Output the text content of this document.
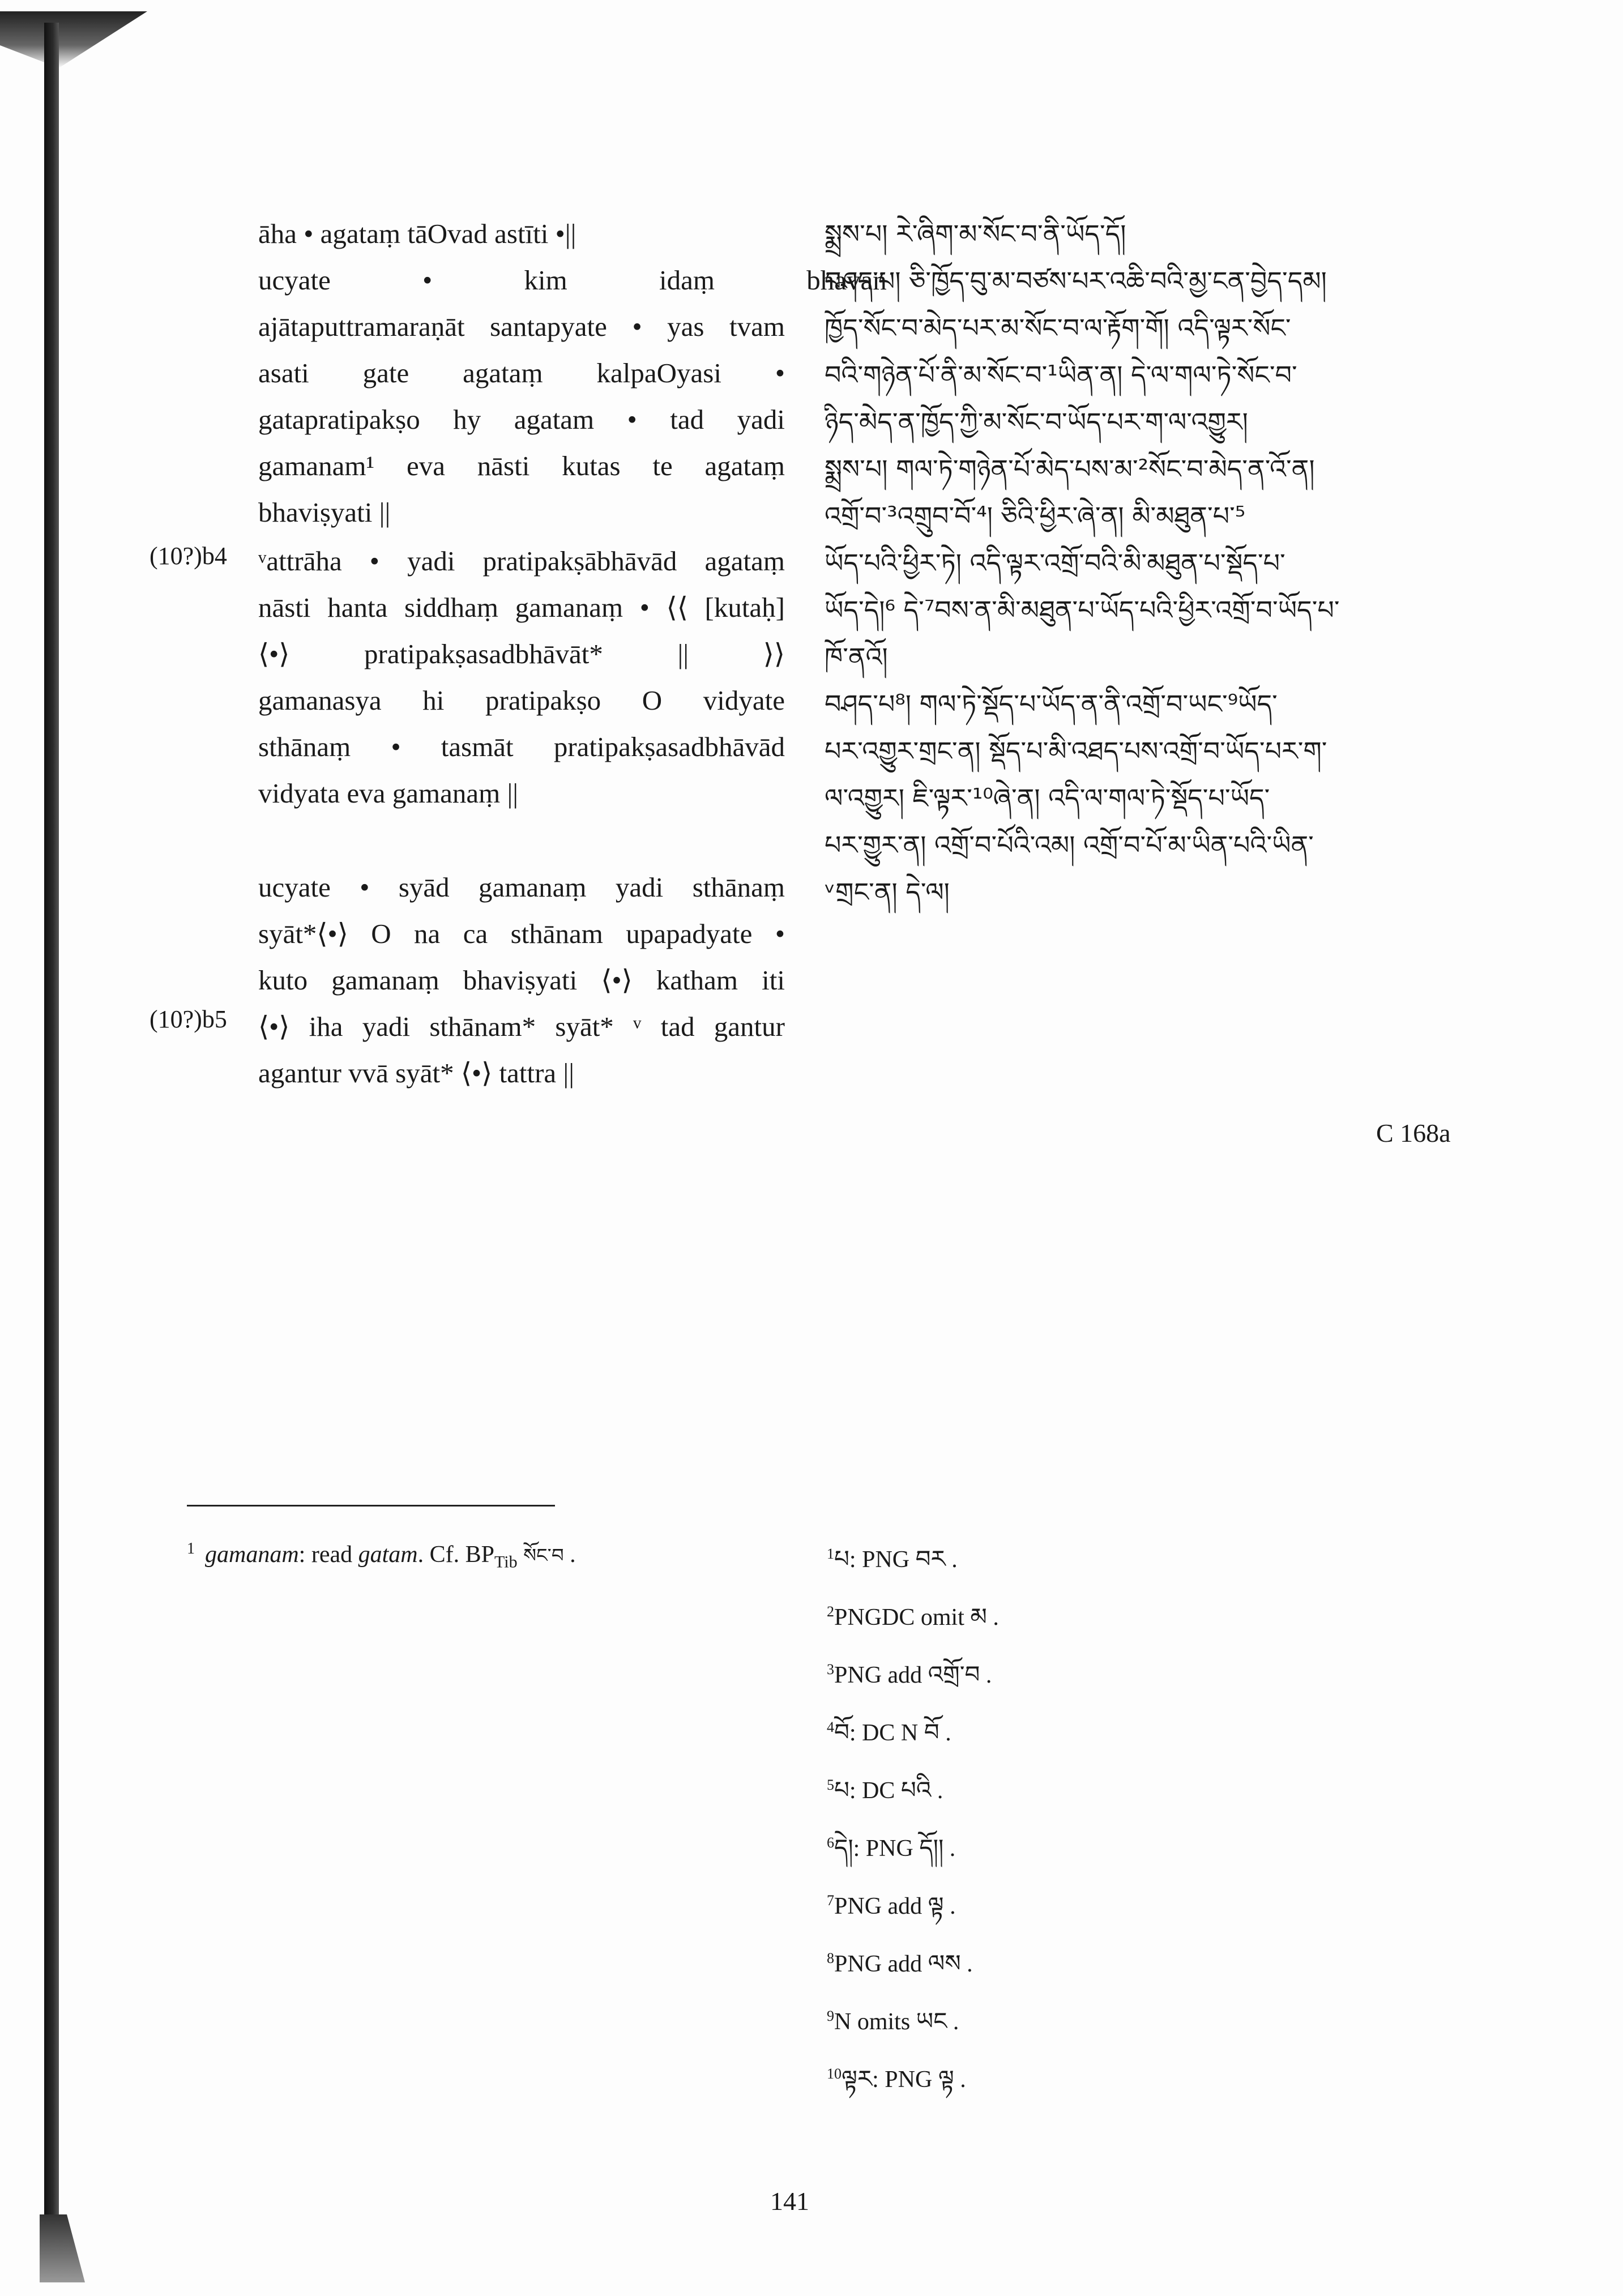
āha • agataṃ tāOvad astīti •||
ucyate • kim idaṃ bhavān
ajātaputtramaraṇāt santapyate • yas tvam
asati gate agataṃ kalpaOyasi •
gatapratipakṣo hy agatam • tad yadi
gamanam¹ eva nāsti kutas te agataṃ
bhaviṣyati ||
(10?)b4 ᵛattrāha • yadi pratipakṣābhāvād agataṃ
nāsti hanta siddhaṃ gamanaṃ • ⟨⟨ [kutaḥ]
⟨•⟩ pratipakṣasadbhāvāt* || ⟩⟩
gamanasya hi pratipakṣo O vidyate
sthānaṃ • tasmāt pratipakṣasadbhāvād
vidyata eva gamanaṃ ||
(10?)b5
ucyate • syād gamanaṃ yadi sthānaṃ
syāt*⟨•⟩ O na ca sthānam upapadyate •
kuto gamanaṃ bhaviṣyati ⟨•⟩ katham iti
⟨•⟩ iha yadi sthānam* syāt* ᵛ tad gantur
agantur vvā syāt* ⟨•⟩ tattra ||
སྨྲས་པ། རེ་ཞིག་མ་སོང་བ་ནི་ཡོད་དོ།
བཤད་པ། ཅི་ཁྱོད་བུ་མ་བཙས་པར་འཆི་བའི་མྱ་ངན་བྱེད་དམ།
ཁྱོད་སོང་བ་མེད་པར་མ་སོང་བ་ལ་རྟོག་གོ། འདི་ལྟར་སོང་
བའི་གཉེན་པོ་ནི་མ་སོང་བ་¹ཡིན་ན། དེ་ལ་གལ་ཏེ་སོང་བ་
ཉིད་མེད་ན་ཁྱོད་ཀྱི་མ་སོང་བ་ཡོད་པར་ག་ལ་འགྱུར།
སྨྲས་པ། གལ་ཏེ་གཉེན་པོ་མེད་པས་མ་²སོང་བ་མེད་ན་འོ་ན།
འགྲོ་བ་³འགྲུབ་བོ་⁴། ཅིའི་ཕྱིར་ཞེ་ན། མི་མཐུན་པ་⁵
ཡོད་པའི་ཕྱིར་ཏེ། འདི་ལྟར་འགྲོ་བའི་མི་མཐུན་པ་སྡོད་པ་
ཡོད་དེ།⁶ དེ་⁷བས་ན་མི་མཐུན་པ་ཡོད་པའི་ཕྱིར་འགྲོ་བ་ཡོད་པ་
ཁོ་ནའོ།
བཤད་པ⁸། གལ་ཏེ་སྡོད་པ་ཡོད་ན་ནི་འགྲོ་བ་ཡང་⁹ཡོད་
པར་འགྱུར་གྲང་ན། སྡོད་པ་མི་འཐད་པས་འགྲོ་བ་ཡོད་པར་ག་
ལ་འགྱུར། ཇི་ལྟར་¹⁰ཞེ་ན། འདི་ལ་གལ་ཏེ་སྡོད་པ་ཡོད་
པར་གྱུར་ན། འགྲོ་བ་པོའི་འམ། འགྲོ་བ་པོ་མ་ཡིན་པའི་ཡིན་
ᵛགྲང་ན། དེ་ལ།
C 168a
$^1$ gamanam: read gatam. Cf. $BP_{Tib}$ སོང་བ .	$^1$པ: PNG བར .
$^2$PNGDC omit མ .
$^3$PNG add འགྲོ་བ .
$^4$བོ: DC N བོ .
$^5$པ: DC པའི .
$^6$དེ།: PNG དོ།། .
$^7$PNG add ལྟ .
$^8$PNG add ལས .
$^9$N omits ཡང .
$^{10}$ལྟར: PNG ལྟ .
141
